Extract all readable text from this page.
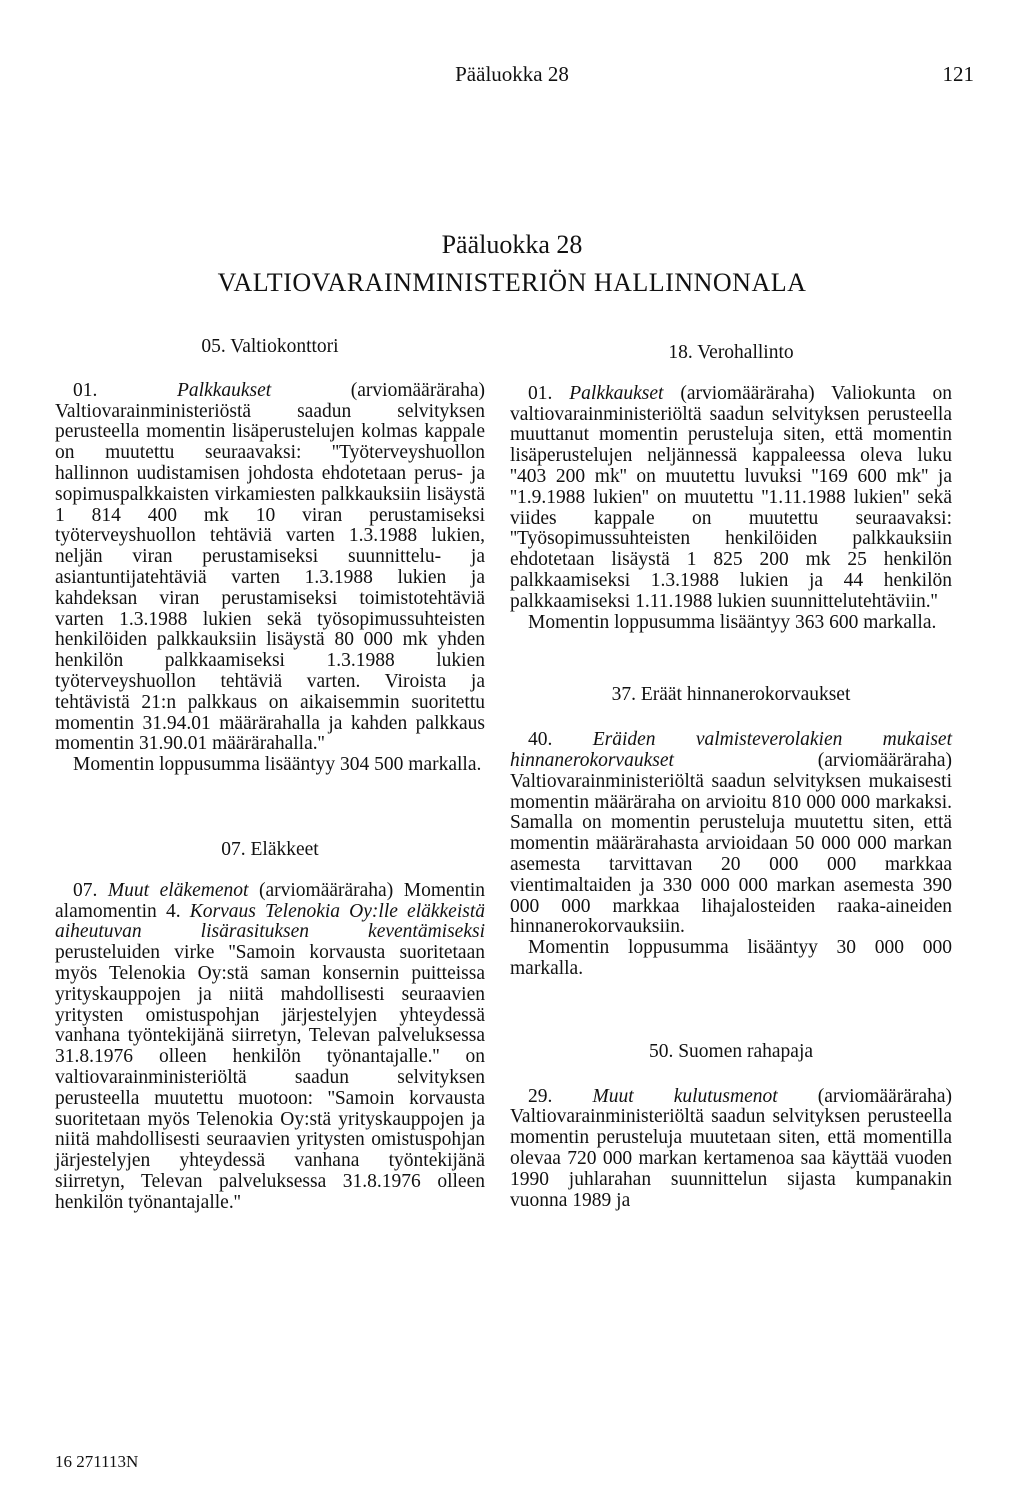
Pääluokka 28	121
Pääluokka 28
VALTIOVARAINMINISTERIÖN HALLINNONALA

05. Valtiokonttori

01.	Palkkaukset	(arviomääräraha) Valtiovarainministeriöstä saadun selvityksen perusteella momentin lisäperustelujen kolmas kappale on muutettu seuraavaksi: ''Työterveyshuollon hallinnon uudistamisen johdosta ehdotetaan perus- ja sopimuspalkkaisten virkamiesten palkkauksiin lisäystä 1 814 400 mk 10 viran perustamiseksi työterveyshuollon tehtäviä varten 1.3.1988 lukien, neljän viran perustamiseksi suunnittelu- ja asiantuntijatehtäviä varten 1.3.1988 lukien ja kahdeksan viran perustamiseksi toimistotehtäviä varten 1.3.1988 lukien sekä työsopimussuhteisten henkilöiden palkkauksiin lisäystä 80 000 mk yhden henkilön palkkaamiseksi 1.3.1988 lukien työterveyshuollon tehtäviä varten. Viroista ja tehtävistä 21:n palkkaus on aikaisemmin suoritettu momentin 31.94.01 määrärahalla ja kahden palkkaus momentin 31.90.01 määrärahalla.''

Momentin loppusumma lisääntyy 304 500 markalla.

07. Eläkkeet

07. Muut eläkemenot (arviomääräraha) Momentin alamomentin 4. Korvaus Telenokia Oy:lle eläkkeistä aiheutuvan lisärasituksen keventämiseksi perusteluiden virke ''Samoin korvausta suoritetaan myös Telenokia Oy:stä saman konsernin puitteissa yrityskauppojen ja niitä mahdollisesti seuraavien yritysten omistuspohjan järjestelyjen yhteydessä vanhana työntekijänä siirretyn, Televan palveluksessa 31.8.1976 olleen henkilön työnantajalle.'' on valtiovarainministeriöltä saadun selvityksen perusteella muutettu muotoon: ''Samoin korvausta suoritetaan myös Telenokia Oy:stä yrityskauppojen ja niitä mahdollisesti seuraavien yritysten omistuspohjan järjestelyjen yhteydessä vanhana työntekijänä siirretyn, Televan palveluksessa 31.8.1976 olleen henkilön työnantajalle.''

18. Verohallinto

01. Palkkaukset (arviomääräraha) Valiokunta on valtiovarainministeriöltä saadun selvityksen perusteella muuttanut momentin perusteluja siten, että momentin lisäperustelujen neljännessä kappaleessa oleva luku ''403 200 mk'' on muutettu luvuksi ''169 600 mk'' ja ''1.9.1988 lukien'' on muutettu ''1.11.1988 lukien'' sekä viides kappale on muutettu seuraavaksi: ''Työsopimussuhteisten henkilöiden palkkauksiin ehdotetaan lisäystä 1 825 200 mk 25 henkilön palkkaamiseksi 1.3.1988 lukien ja 44 henkilön palkkaamiseksi 1.11.1988 lukien suunnittelutehtäviin.''

Momentin loppusumma lisääntyy 363 600 markalla.

37. Eräät hinnanerokorvaukset

40. Eräiden valmisteverolakien mukaiset hinnanerokorvaukset	(arviomääräraha) Valtiovarainministeriöltä saadun selvityksen mukaisesti momentin määräraha on arvioitu 810 000 000 markaksi. Samalla on momentin perusteluja muutettu siten, että momentin määrärahasta arvioidaan 50 000 000 markan asemesta tarvittavan 20 000 000 markkaa vientimaltaiden ja 330 000 000 markan asemesta 390 000 000 markkaa lihajalosteiden raaka-aineiden hinnanerokorvauksiin.

Momentin loppusumma lisääntyy 30 000 000 markalla.

50. Suomen rahapaja

29. Muut kulutusmenot (arviomääräraha) Valtiovarainministeriöltä saadun selvityksen perusteella momentin perusteluja muutetaan siten, että momentilla olevaa 720 000 markan kertamenoa saa käyttää vuoden 1990 juhlarahan suunnittelun sijasta kumpanakin vuonna 1989 ja

16 271113N
